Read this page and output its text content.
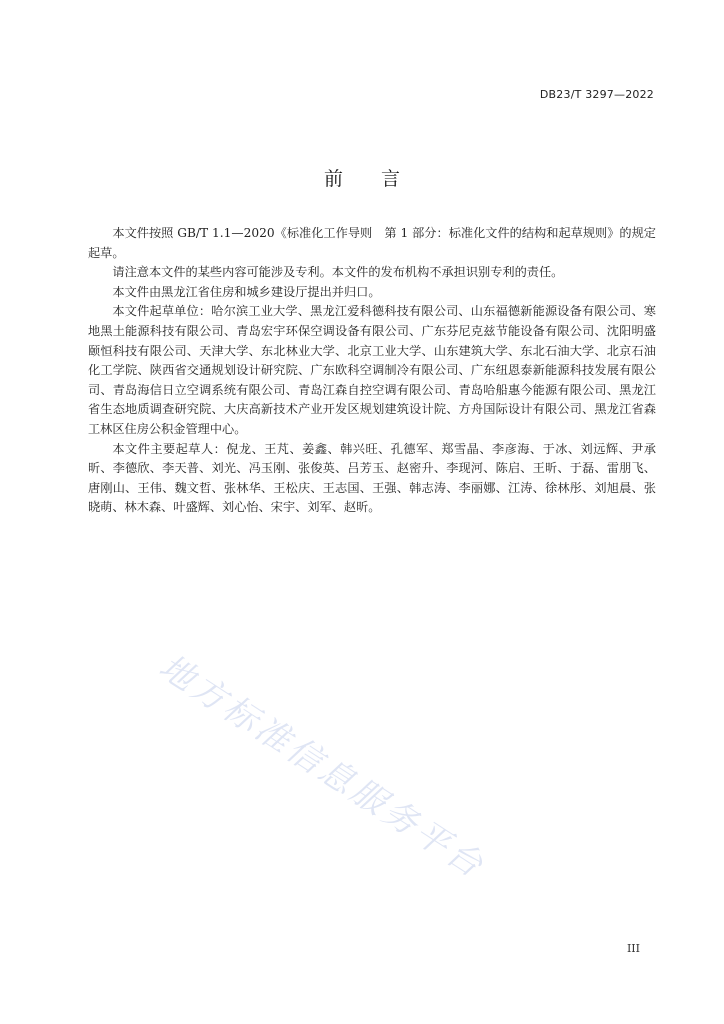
DB23/T 3297—2022
前言

本文件按照 GB/T 1.1—2020《标准化工作导则　第 1 部分：标准化文件的结构和起草规则》的规定起草。

请注意本文件的某些内容可能涉及专利。本文件的发布机构不承担识别专利的责任。

本文件由黑龙江省住房和城乡建设厅提出并归口。

本文件起草单位：哈尔滨工业大学、黑龙江爱科德科技有限公司、山东福德新能源设备有限公司、寒地黑土能源科技有限公司、青岛宏宇环保空调设备有限公司、广东芬尼克兹节能设备有限公司、沈阳明盛颐恒科技有限公司、天津大学、东北林业大学、北京工业大学、山东建筑大学、东北石油大学、北京石油化工学院、陕西省交通规划设计研究院、广东欧科空调制冷有限公司、广东纽恩泰新能源科技发展有限公司、青岛海信日立空调系统有限公司、青岛江森自控空调有限公司、青岛哈船惠今能源有限公司、黑龙江省生态地质调查研究院、大庆高新技术产业开发区规划建筑设计院、方舟国际设计有限公司、黑龙江省森工林区住房公积金管理中心。

本文件主要起草人：倪龙、王芃、姜鑫、韩兴旺、孔德军、郑雪晶、李彦海、于冰、刘远辉、尹承昕、李德欣、李天普、刘光、冯玉刚、张俊英、吕芳玉、赵密升、李现河、陈启、王昕、于磊、雷朋飞、唐刚山、王伟、魏文哲、张林华、王松庆、王志国、王强、韩志涛、李丽娜、江涛、徐林彤、刘旭晨、张晓萌、林木森、叶盛辉、刘心怡、宋宇、刘军、赵昕。

地方标准信息服务平台
III
